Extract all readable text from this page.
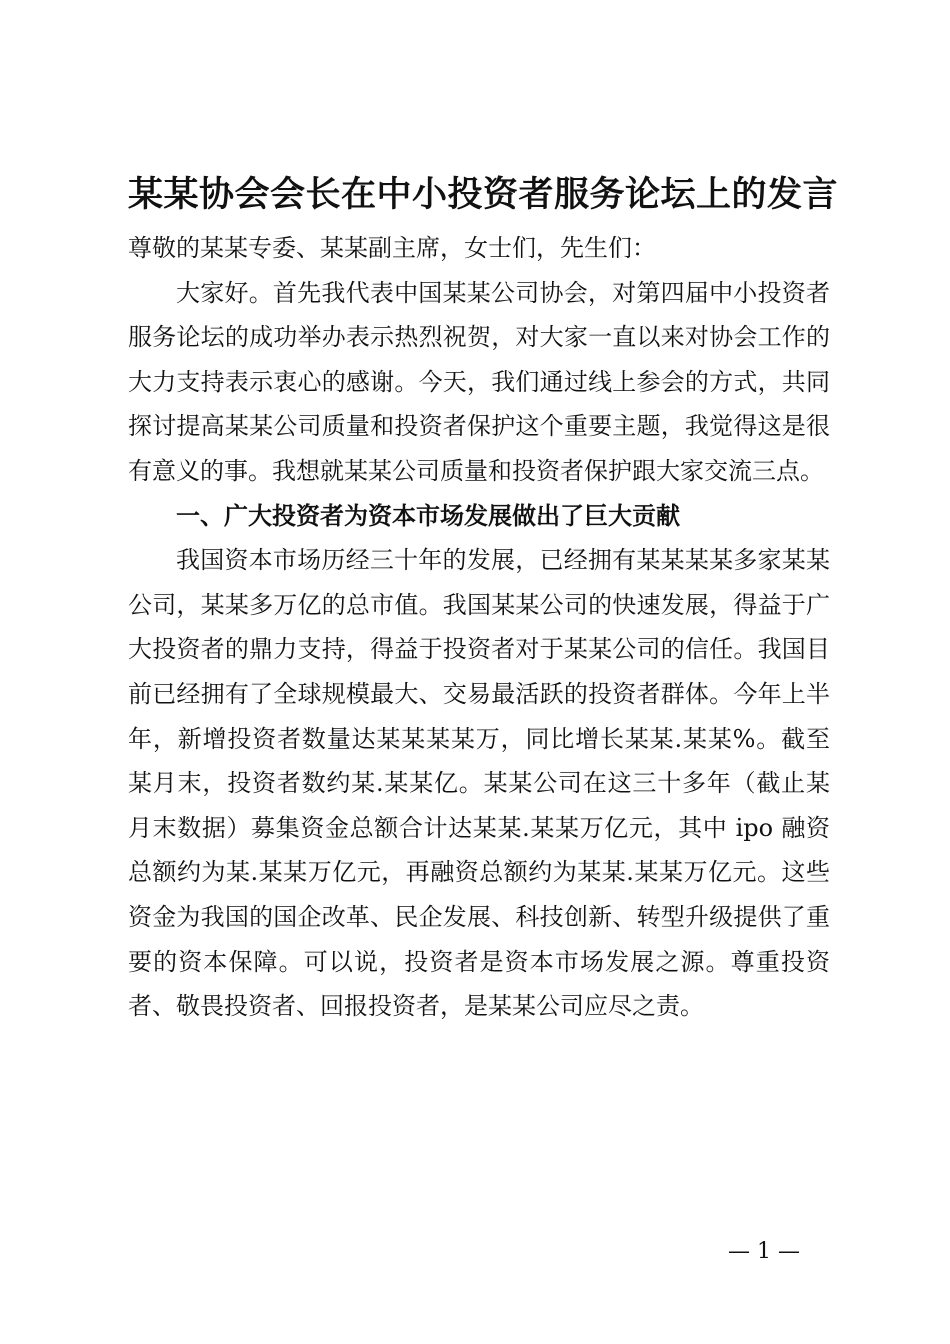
某某协会会长在中小投资者服务论坛上的发言

尊敬的某某专委、某某副主席，女士们，先生们：

大家好。首先我代表中国某某公司协会，对第四届中小投资者服务论坛的成功举办表示热烈祝贺，对大家一直以来对协会工作的大力支持表示衷心的感谢。今天，我们通过线上参会的方式，共同探讨提高某某公司质量和投资者保护这个重要主题，我觉得这是很有意义的事。我想就某某公司质量和投资者保护跟大家交流三点。

一、广大投资者为资本市场发展做出了巨大贡献

我国资本市场历经三十年的发展，已经拥有某某某某多家某某公司，某某多万亿的总市值。我国某某公司的快速发展，得益于广大投资者的鼎力支持，得益于投资者对于某某公司的信任。我国目前已经拥有了全球规模最大、交易最活跃的投资者群体。今年上半年，新增投资者数量达某某某某万，同比增长某某.某某%。截至某月末，投资者数约某.某某亿。某某公司在这三十多年（截止某月末数据）募集资金总额合计达某某.某某万亿元，其中 ipo 融资总额约为某.某某万亿元，再融资总额约为某某.某某万亿元。这些资金为我国的国企改革、民企发展、科技创新、转型升级提供了重要的资本保障。可以说，投资者是资本市场发展之源。尊重投资者、敬畏投资者、回报投资者，是某某公司应尽之责。

— 1 —
